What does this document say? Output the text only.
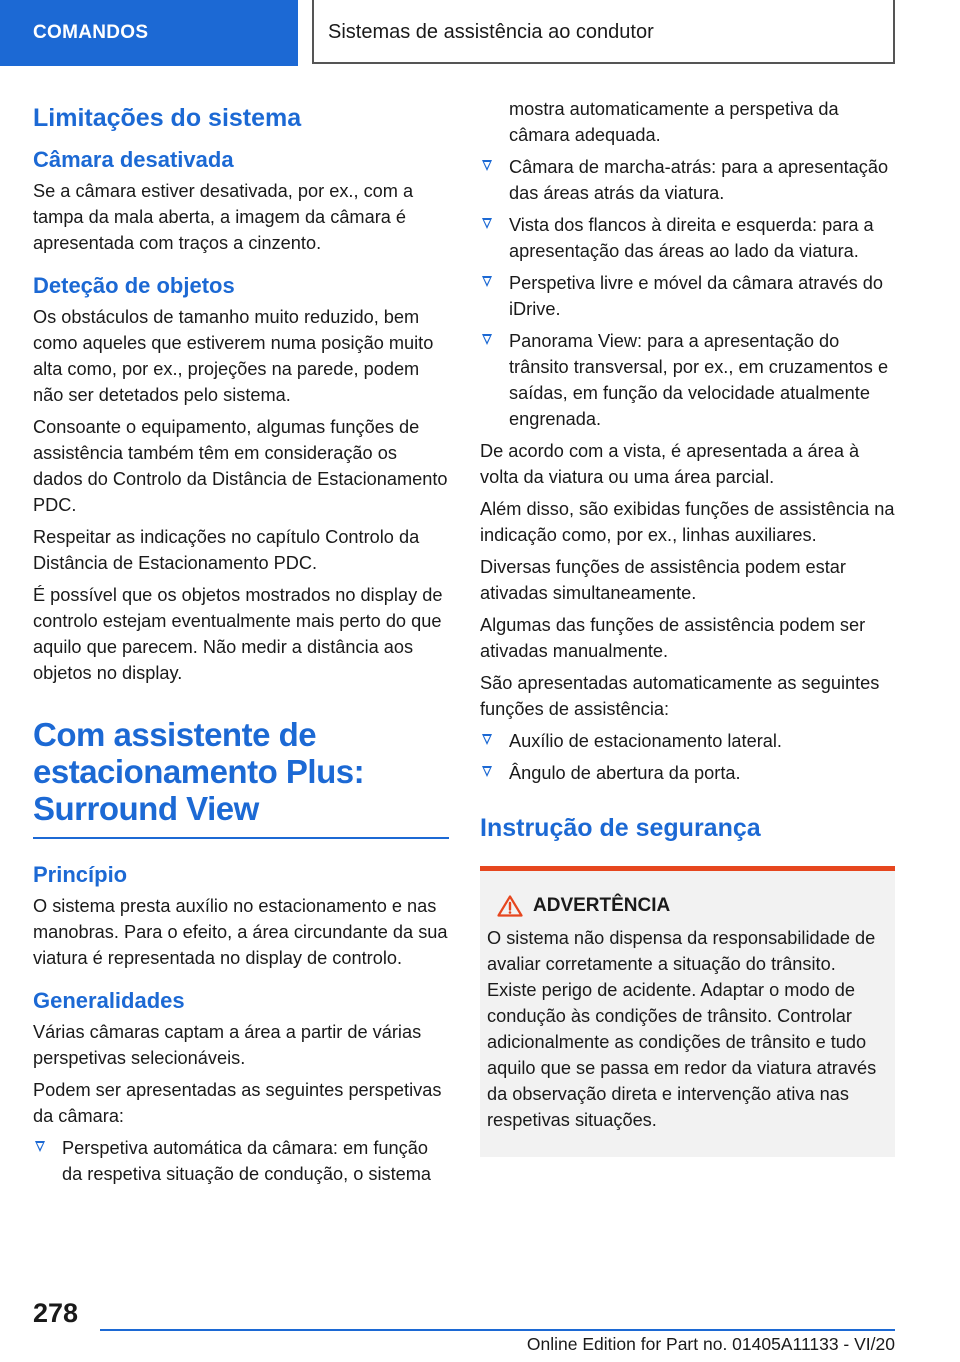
COMANDOS	Sistemas de assistência ao condutor
Limitações do sistema
Câmara desativada

Se a câmara estiver desativada, por ex., com a tampa da mala aberta, a imagem da câmara é apresentada com traços a cinzento.

Deteção de objetos

Os obstáculos de tamanho muito reduzido, bem como aqueles que estiverem numa posição muito alta como, por ex., projeções na parede, podem não ser detetados pelo sistema.

Consoante o equipamento, algumas funções de assistência também têm em consideração os dados do Controlo da Distância de Estacionamento PDC.

Respeitar as indicações no capítulo Controlo da Distância de Estacionamento PDC.

É possível que os objetos mostrados no display de controlo estejam eventualmente mais perto do que aquilo que parecem. Não medir a distância aos objetos no display.

Com assistente de estacionamento Plus: Surround View
Princípio

O sistema presta auxílio no estacionamento e nas manobras. Para o efeito, a área circundante da sua viatura é representada no display de controlo.

Generalidades

Várias câmaras captam a área a partir de várias perspetivas selecionáveis.

Podem ser apresentadas as seguintes perspetivas da câmara:

Perspetiva automática da câmara: em função da respetiva situação de condução, o sistema
mostra automaticamente a perspetiva da câmara adequada.
Câmara de marcha-atrás: para a apresentação das áreas atrás da viatura.
Vista dos flancos à direita e esquerda: para a apresentação das áreas ao lado da viatura.
Perspetiva livre e móvel da câmara através do iDrive.
Panorama View: para a apresentação do trânsito transversal, por ex., em cruzamentos e saídas, em função da velocidade atualmente engrenada.

De acordo com a vista, é apresentada a área à volta da viatura ou uma área parcial.

Além disso, são exibidas funções de assistência na indicação como, por ex., linhas auxiliares.

Diversas funções de assistência podem estar ativadas simultaneamente.

Algumas das funções de assistência podem ser ativadas manualmente.

São apresentadas automaticamente as seguintes funções de assistência:

Auxílio de estacionamento lateral.
Ângulo de abertura da porta.
Instrução de segurança
ADVERTÊNCIA

O sistema não dispensa da responsabilidade de avaliar corretamente a situação do trânsito. Existe perigo de acidente. Adaptar o modo de condução às condições de trânsito. Controlar adicionalmente as condições de trânsito e tudo aquilo que se passa em redor da viatura através da observação direta e intervenção ativa nas respetivas situações.

278
Online Edition for Part no. 01405A11133 - VI/20
